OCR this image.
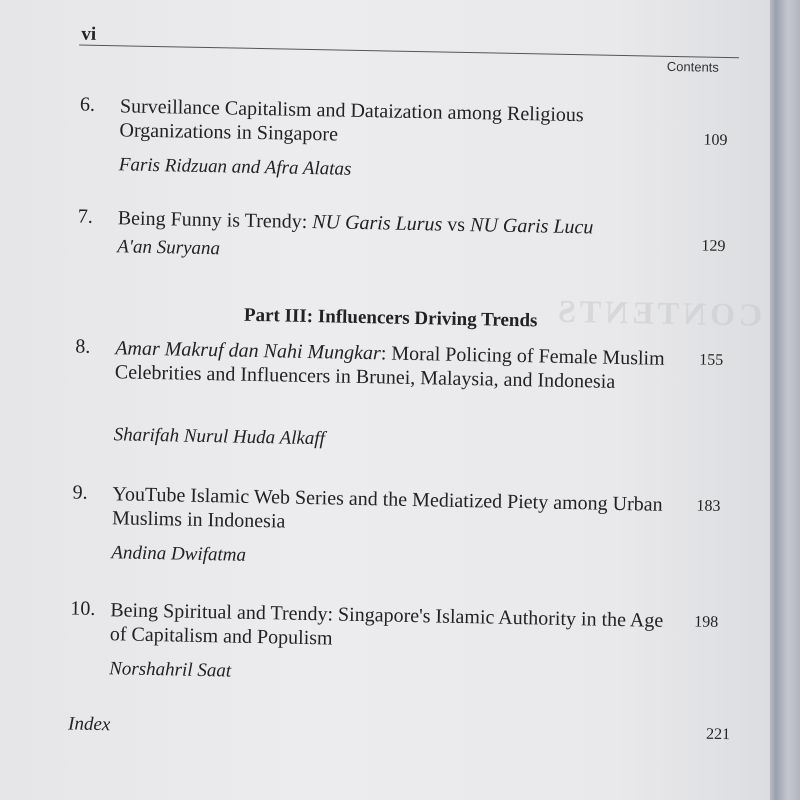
CONTENTS
vi
Contents
6. Surveillance Capitalism and Dataization among Religious Organizations in Singapore
Faris Ridzuan and Afra Alatas
109
7. Being Funny is Trendy: NU Garis Lurus vs NU Garis Lucu
A'an Suryana	129
Part III: Influencers Driving Trends
8. Amar Makruf dan Nahi Mungkar: Moral Policing of Female Muslim Celebrities and Influencers in Brunei, Malaysia, and Indonesia
Sharifah Nurul Huda Alkaff
155
9. YouTube Islamic Web Series and the Mediatized Piety among Urban Muslims in Indonesia
Andina Dwifatma
183
10. Being Spiritual and Trendy: Singapore's Islamic Authority in the Age of Capitalism and Populism
Norshahril Saat
198
Index	221
